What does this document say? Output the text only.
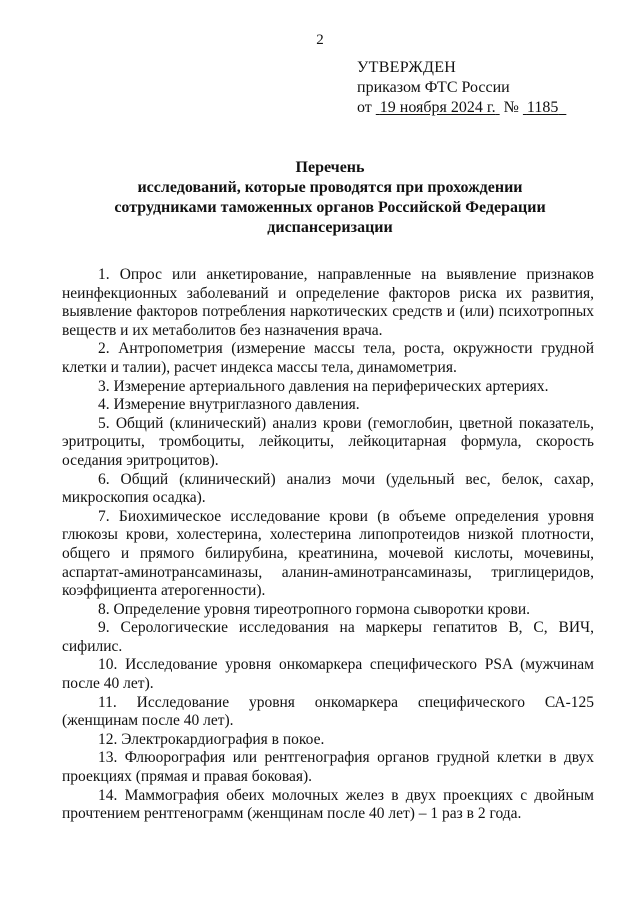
2
УТВЕРЖДЕН
приказом ФТС России
от 19 ноября 2024 г. № 1185
Перечень
исследований, которые проводятся при прохождении
сотрудниками таможенных органов Российской Федерации
диспансеризации

1. Опрос или анкетирование, направленные на выявление признаков неинфекционных заболеваний и определение факторов риска их развития, выявление факторов потребления наркотических средств и (или) психотропных веществ и их метаболитов без назначения врача.

2. Антропометрия (измерение массы тела, роста, окружности грудной клетки и талии), расчет индекса массы тела, динамометрия.

3. Измерение артериального давления на периферических артериях.

4. Измерение внутриглазного давления.

5. Общий (клинический) анализ крови (гемоглобин, цветной показатель, эритроциты, тромбоциты, лейкоциты, лейкоцитарная формула, скорость оседания эритроцитов).

6. Общий (клинический) анализ мочи (удельный вес, белок, сахар, микроскопия осадка).

7. Биохимическое исследование крови (в объеме определения уровня глюкозы крови, холестерина, холестерина липопротеидов низкой плотности, общего и прямого билирубина, креатинина, мочевой кислоты, мочевины, аспартат-аминотрансаминазы, аланин-аминотрансаминазы, триглицеридов, коэффициента атерогенности).

8. Определение уровня тиреотропного гормона сыворотки крови.

9. Серологические исследования на маркеры гепатитов В, С, ВИЧ, сифилис.

10. Исследование уровня онкомаркера специфического PSA (мужчинам после 40 лет).

11. Исследование уровня онкомаркера специфического СА-125 (женщинам после 40 лет).

12. Электрокардиография в покое.

13. Флюорография или рентгенография органов грудной клетки в двух проекциях (прямая и правая боковая).

14. Маммография обеих молочных желез в двух проекциях с двойным прочтением рентгенограмм (женщинам после 40 лет) – 1 раз в 2 года.
